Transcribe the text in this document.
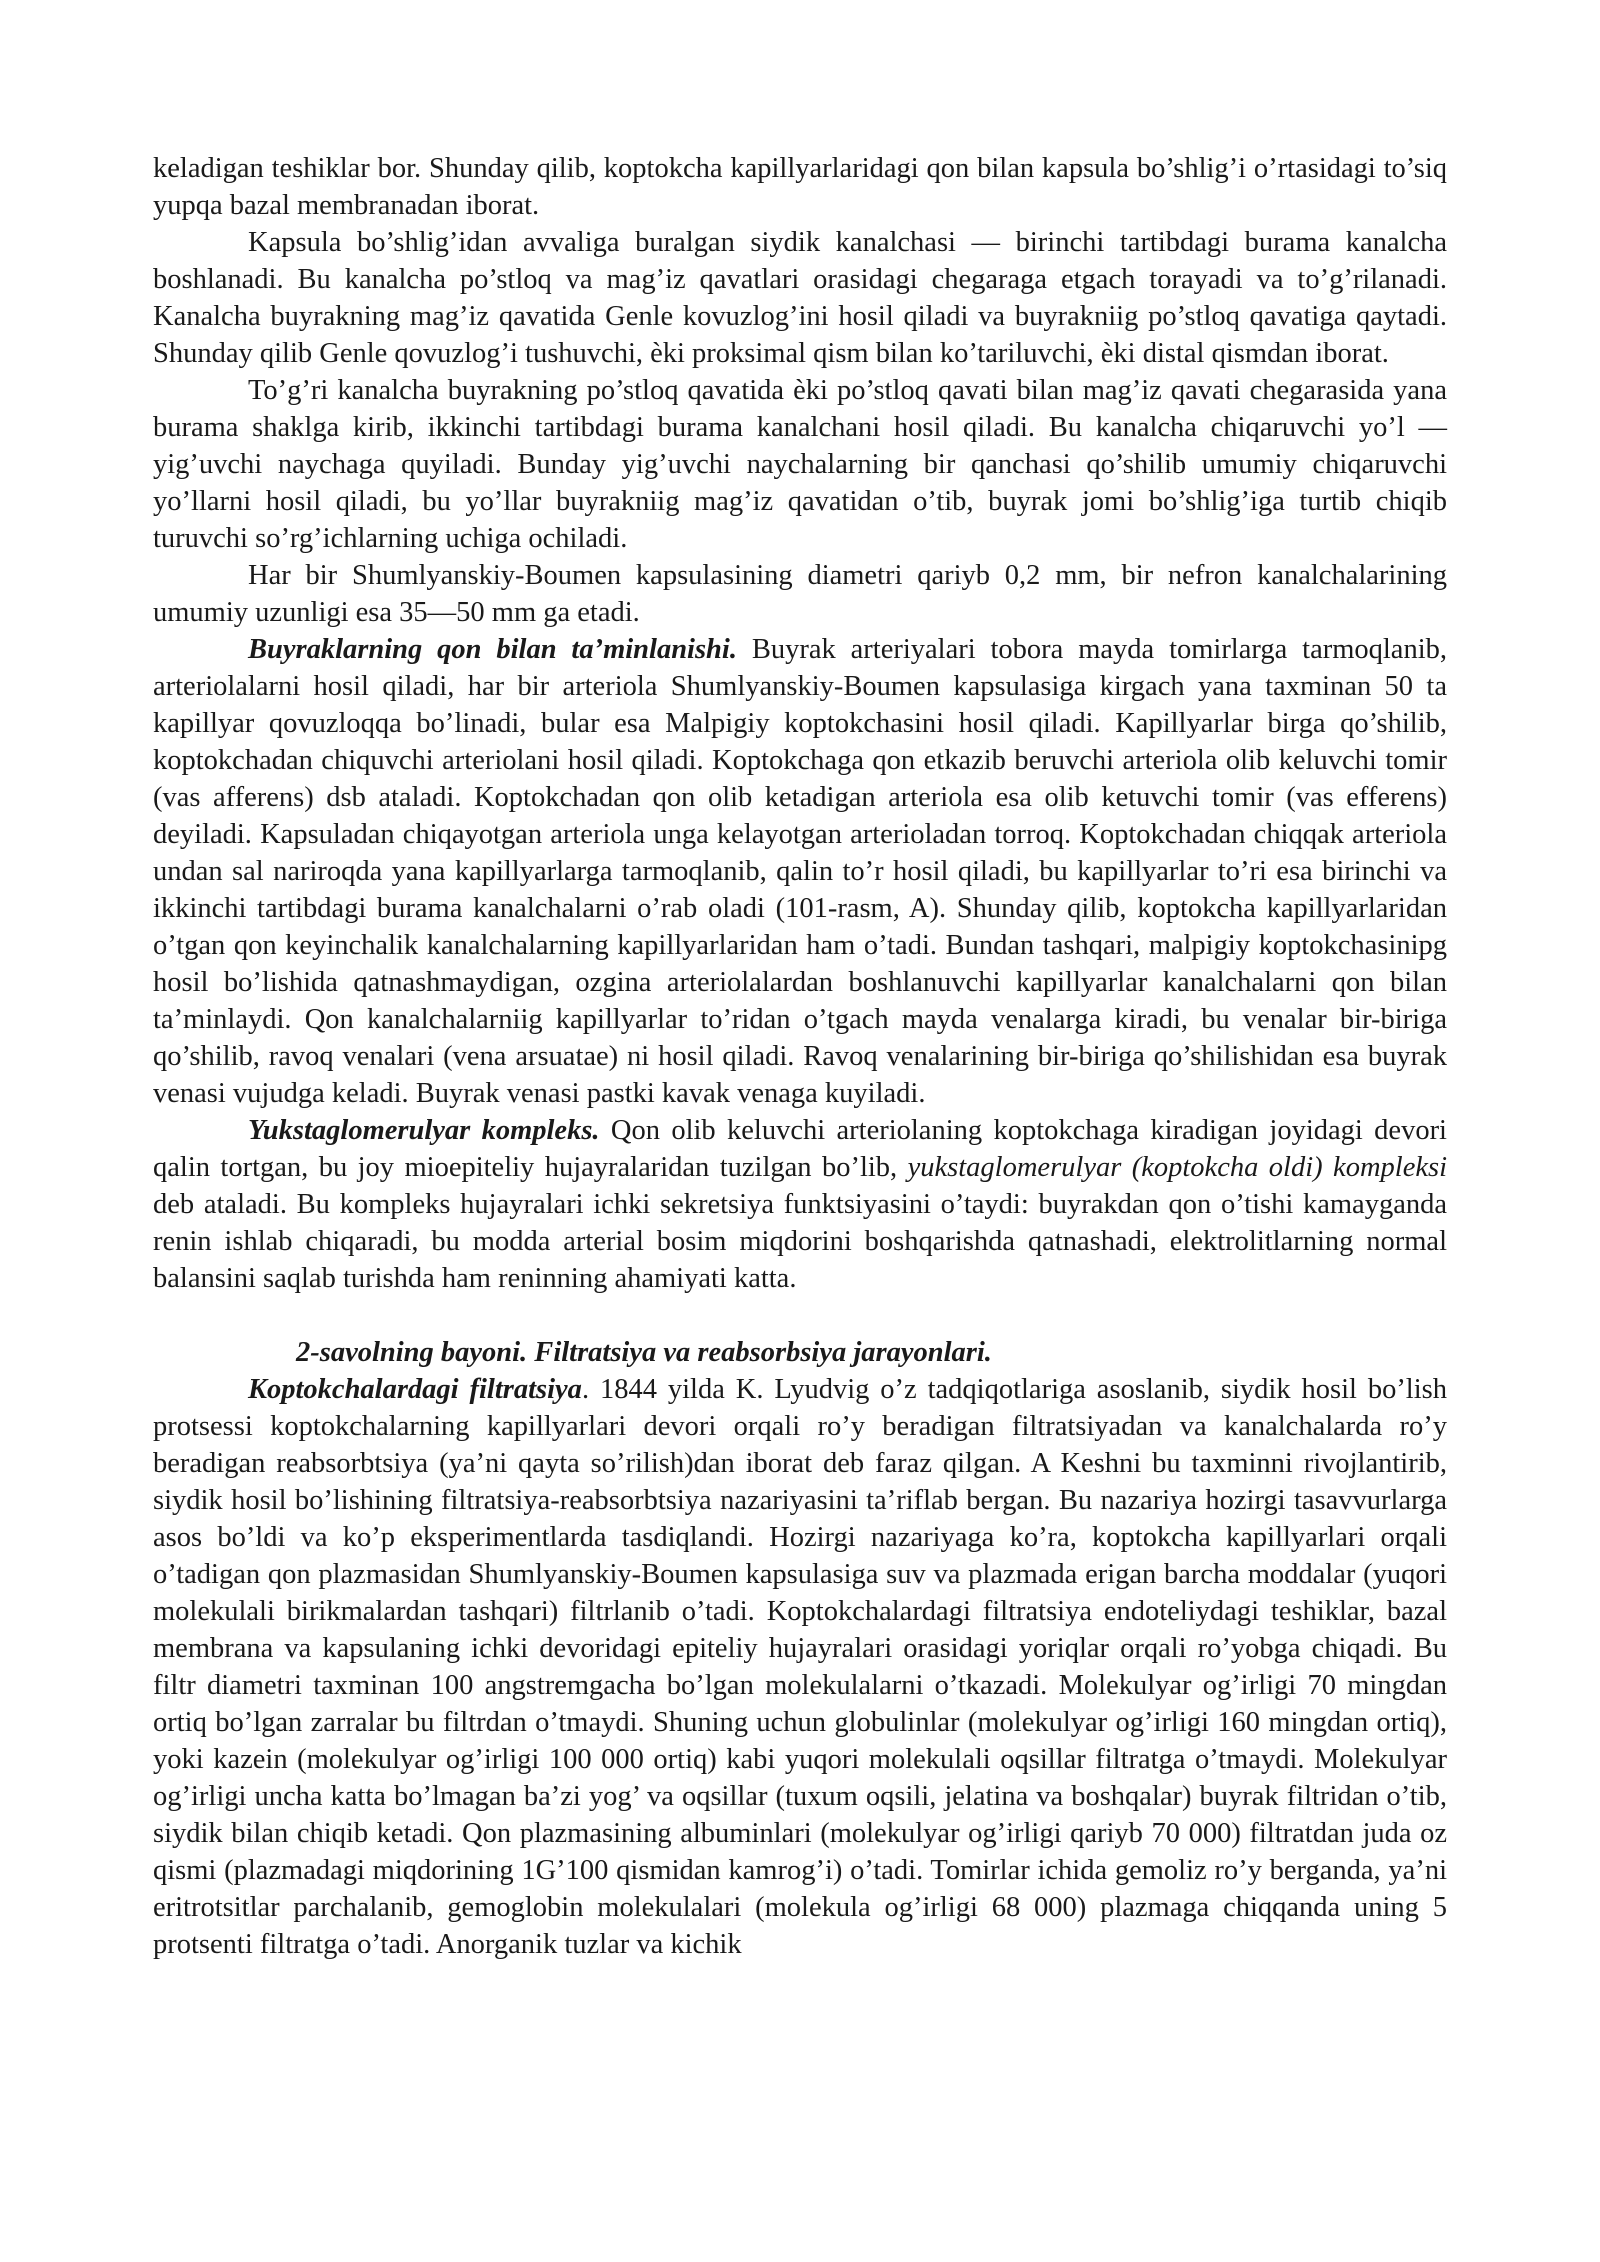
keladigan teshiklar bor. Shunday qilib, koptokcha kapillyarlaridagi qon bilan kapsula bo’shlig’i o’rtasidagi to’siq yupqa bazal membranadan iborat.

Kapsula bo’shlig’idan avvaliga buralgan siydik kanalchasi — birinchi tartibdagi burama kanalcha boshlanadi. Bu kanalcha po’stloq va mag’iz qavatlari orasidagi chegaraga etgach torayadi va to’g’rilanadi. Kanalcha buyrakning mag’iz qavatida Genle kovuzlog’ini hosil qiladi va buyrakniig po’stloq qavatiga qaytadi. Shunday qilib Genle qovuzlog’i tushuvchi, èki proksimal qism bilan ko’tariluvchi, èki distal qismdan iborat.

To’g’ri kanalcha buyrakning po’stloq qavatida èki po’stloq qavati bilan mag’iz qavati chegarasida yana burama shaklga kirib, ikkinchi tartibdagi burama kanalchani hosil qiladi. Bu kanalcha chiqaruvchi yo’l — yig’uvchi naychaga quyiladi. Bunday yig’uvchi naychalarning bir qanchasi qo’shilib umumiy chiqaruvchi yo’llarni hosil qiladi, bu yo’llar buyrakniig mag’iz qavatidan o’tib, buyrak jomi bo’shlig’iga turtib chiqib turuvchi so’rg’ichlarning uchiga ochiladi.

Har bir Shumlyanskiy-Boumen kapsulasining diametri qariyb 0,2 mm, bir nefron kanalchalarining umumiy uzunligi esa 35—50 mm ga etadi.

Buyraklarning qon bilan ta’minlanishi. Buyrak arteriyalari tobora mayda tomirlarga tarmoqlanib, arteriolalarni hosil qiladi, har bir arteriola Shumlyanskiy-Boumen kapsulasiga kirgach yana taxminan 50 ta kapillyar qovuzloqqa bo’linadi, bular esa Malpigiy koptokchasini hosil qiladi. Kapillyarlar birga qo’shilib, koptokchadan chiquvchi arteriolani hosil qiladi. Koptokchaga qon etkazib beruvchi arteriola olib keluvchi tomir (vas afferens) dsb ataladi. Koptokchadan qon olib ketadigan arteriola esa olib ketuvchi tomir (vas efferens) deyiladi. Kapsuladan chiqayotgan arteriola unga kelayotgan arterioladan torroq. Koptokchadan chiqqak arteriola undan sal nariroqda yana kapillyarlarga tarmoqlanib, qalin to’r hosil qiladi, bu kapillyarlar to’ri esa birinchi va ikkinchi tartibdagi burama kanalchalarni o’rab oladi (101-rasm, A). Shunday qilib, koptokcha kapillyarlaridan o’tgan qon keyinchalik kanalchalarning kapillyarlaridan ham o’tadi. Bundan tashqari, malpigiy koptokchasinipg hosil bo’lishida qatnashmaydigan, ozgina arteriolalardan boshlanuvchi kapillyarlar kanalchalarni qon bilan ta’minlaydi. Qon kanalchalarniig kapillyarlar to’ridan o’tgach mayda venalarga kiradi, bu venalar bir-biriga qo’shilib, ravoq venalari (vena arsuatae) ni hosil qiladi. Ravoq venalarining bir-biriga qo’shilishidan esa buyrak venasi vujudga keladi. Buyrak venasi pastki kavak venaga kuyiladi.

Yukstaglomerulyar kompleks. Qon olib keluvchi arteriolaning koptokchaga kiradigan joyidagi devori qalin tortgan, bu joy mioepiteliy hujayralaridan tuzilgan bo’lib, yukstaglomerulyar (koptokcha oldi) kompleksi deb ataladi. Bu kompleks hujayralari ichki sekretsiya funktsiyasini o’taydi: buyrakdan qon o’tishi kamayganda renin ishlab chiqaradi, bu modda arterial bosim miqdorini boshqarishda qatnashadi, elektrolitlarning normal balansini saqlab turishda ham reninning ahamiyati katta.

2-savolning bayoni. Filtratsiya va reabsorbsiya jarayonlari.

Koptokchalardagi filtratsiya. 1844 yilda K. Lyudvig o’z tadqiqotlariga asoslanib, siydik hosil bo’lish protsessi koptokchalarning kapillyarlari devori orqali ro’y beradigan filtratsiyadan va kanalchalarda ro’y beradigan reabsorbtsiya (ya’ni qayta so’rilish)dan iborat deb faraz qilgan. A Keshni bu taxminni rivojlantirib, siydik hosil bo’lishining filtratsiya-reabsorbtsiya nazariyasini ta’riflab bergan. Bu nazariya hozirgi tasavvurlarga asos bo’ldi va ko’p eksperimentlarda tasdiqlandi. Hozirgi nazariyaga ko’ra, koptokcha kapillyarlari orqali o’tadigan qon plazmasidan Shumlyanskiy-Boumen kapsulasiga suv va plazmada erigan barcha moddalar (yuqori molekulali birikmalardan tashqari) filtrlanib o’tadi. Koptokchalardagi filtratsiya endoteliydagi teshiklar, bazal membrana va kapsulaning ichki devoridagi epiteliy hujayralari orasidagi yoriqlar orqali ro’yobga chiqadi. Bu filtr diametri taxminan 100 angstremgacha bo’lgan molekulalarni o’tkazadi. Molekulyar og’irligi 70 mingdan ortiq bo’lgan zarralar bu filtrdan o’tmaydi. Shuning uchun globulinlar (molekulyar og’irligi 160 mingdan ortiq), yoki kazein (molekulyar og’irligi 100 000 ortiq) kabi yuqori molekulali oqsillar filtratga o’tmaydi. Molekulyar og’irligi uncha katta bo’lmagan ba’zi yog’ va oqsillar (tuxum oqsili, jelatina va boshqalar) buyrak filtridan o’tib, siydik bilan chiqib ketadi. Qon plazmasining albuminlari (molekulyar og’irligi qariyb 70 000) filtratdan juda oz qismi (plazmadagi miqdorining 1G’100 qismidan kamrog’i) o’tadi. Tomirlar ichida gemoliz ro’y berganda, ya’ni eritrotsitlar parchalanib, gemoglobin molekulalari (molekula og’irligi 68 000) plazmaga chiqqanda uning 5 protsenti filtratga o’tadi. Anorganik tuzlar va kichik
